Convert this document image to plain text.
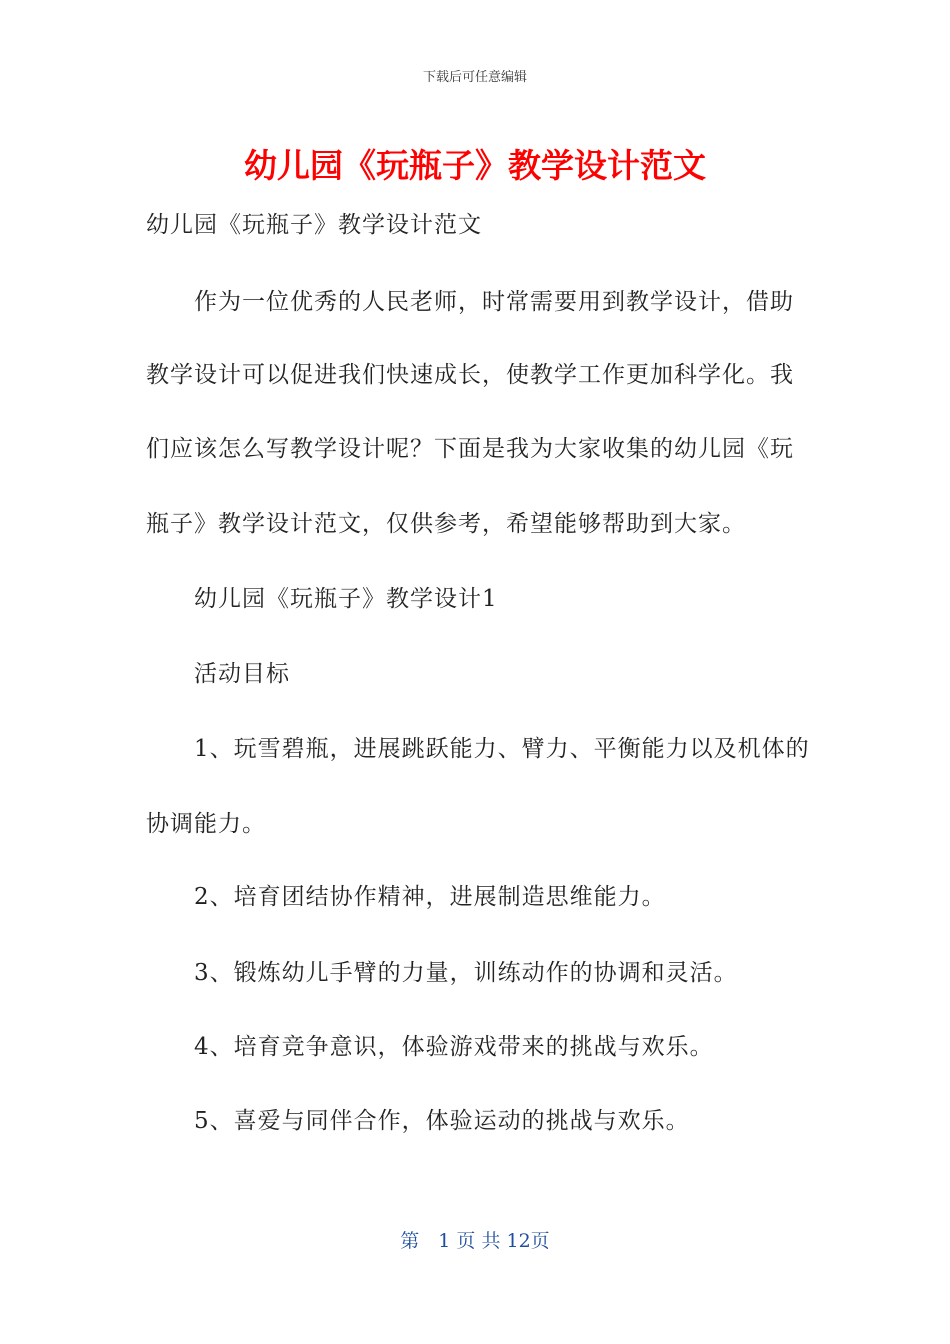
下载后可任意编辑
幼儿园《玩瓶子》教学设计范文
幼儿园《玩瓶子》教学设计范文
作为一位优秀的人民老师，时常需要用到教学设计，借助
教学设计可以促进我们快速成长，使教学工作更加科学化。我
们应该怎么写教学设计呢？下面是我为大家收集的幼儿园《玩
瓶子》教学设计范文，仅供参考，希望能够帮助到大家。
幼儿园《玩瓶子》教学设计1
活动目标
1、玩雪碧瓶，进展跳跃能力、臂力、平衡能力以及机体的
协调能力。
2、培育团结协作精神，进展制造思维能力。
3、锻炼幼儿手臂的力量，训练动作的协调和灵活。
4、培育竞争意识，体验游戏带来的挑战与欢乐。
5、喜爱与同伴合作，体验运动的挑战与欢乐。
第　1 页 共 12页
